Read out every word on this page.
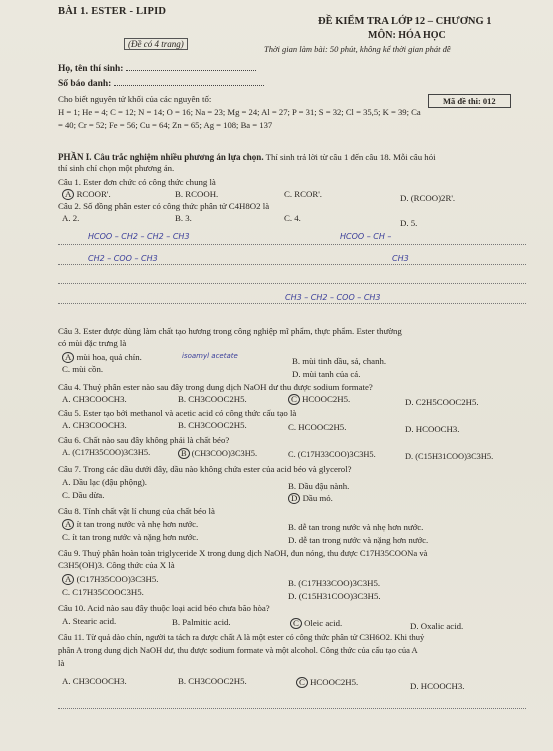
BÀI 1. ESTER - LIPID
(Đề có 4 trang)
ĐỀ KIỂM TRA LỚP 12 – CHƯƠNG 1
MÔN: HÓA HỌC
Thời gian làm bài: 50 phút, không kể thời gian phát đề
Họ, tên thí sinh:
Số báo danh:
Mã đề thi: 012
Cho biết nguyên tử khối của các nguyên tố:
H = 1; He = 4; C = 12; N = 14; O = 16; Na = 23; Mg = 24; Al = 27; P = 31; S = 32; Cl = 35,5; K = 39; Ca
= 40; Cr = 52; Fe = 56; Cu = 64; Zn = 65; Ag = 108; Ba = 137
PHẦN I. Câu trắc nghiệm nhiều phương án lựa chọn. Thí sinh trả lời từ câu 1 đến câu 18. Mỗi câu hỏi
thí sinh chỉ chọn một phương án.
Câu 1. Ester đơn chức có công thức chung là
A RCOOR'.	B. RCOOH.	C. RCOR'.	D. (RCOO)2R'.
Câu 2. Số đồng phân ester có công thức phân tử C4H8O2 là
A. 2.	B. 3.	C. 4.	D. 5.
HCOO – CH2 – CH2 – CH3	HCOO – CH –
CH2 – COO – CH3	CH3
CH3 – CH2 – COO – CH3
Câu 3. Ester được dùng làm chất tạo hương trong công nghiệp mĩ phẩm, thực phẩm. Ester thường
có mùi đặc trưng là
A mùi hoa, quả chín.	isoamyl acetate	B. mùi tinh dầu, sả, chanh.
C. mùi cồn.	D. mùi tanh của cá.
Câu 4. Thuỷ phân ester nào sau đây trong dung dịch NaOH dư thu được sodium formate?
A. CH3COOCH3.	B. CH3COOC2H5.	C HCOOC2H5.	D. C2H5COOC2H5.
Câu 5. Ester tạo bởi methanol và acetic acid có công thức cấu tạo là
A. CH3COOCH3.	B. CH3COOC2H5.	C. HCOOC2H5.	D. HCOOCH3.
Câu 6. Chất nào sau đây không phải là chất béo?
A. (C17H35COO)3C3H5.	B (CH3COO)3C3H5.	C. (C17H33COO)3C3H5.	D. (C15H31COO)3C3H5.
Câu 7. Trong các dầu dưới đây, dầu nào không chứa ester của acid béo và glycerol?
A. Dầu lạc (đậu phộng).	B. Dầu đậu nành.
C. Dầu dừa.	D Dầu mỏ.
Câu 8. Tính chất vật lí chung của chất béo là
A ít tan trong nước và nhẹ hơn nước.	B. dễ tan trong nước và nhẹ hơn nước.
C. ít tan trong nước và nặng hơn nước.	D. dễ tan trong nước và nặng hơn nước.
Câu 9. Thuỷ phân hoàn toàn triglyceride X trong dung dịch NaOH, đun nóng, thu được C17H35COONa và
C3H5(OH)3. Công thức của X là
A (C17H35COO)3C3H5.	B. (C17H33COO)3C3H5.
C. C17H35COOC3H5.	D. (C15H31COO)3C3H5.
Câu 10. Acid nào sau đây thuộc loại acid béo chưa bão hòa?
A. Stearic acid.	B. Palmitic acid.	C Oleic acid.	D. Oxalic acid.
Câu 11. Từ quả dào chín, người ta tách ra được chất A là một ester có công thức phân tử C3H6O2. Khi thuỷ
phân A trong dung dịch NaOH dư, thu được sodium formate và một alcohol. Công thức của cấu tạo của A
là
A. CH3COOCH3.	B. CH3COOC2H5.	C HCOOC2H5.	D. HCOOCH3.
